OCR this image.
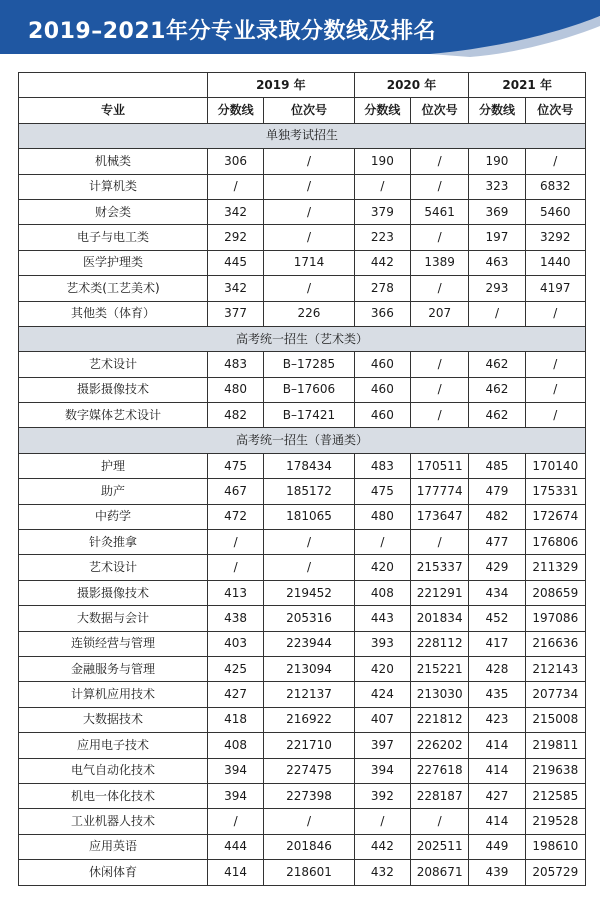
2019–2021年分专业录取分数线及排名
	2019 年		2020 年		2021 年	
专业	分数线	位次号	分数线	位次号	分数线	位次号
单独考试招生						
机械类	306	/	190	/	190	/
计算机类	/	/	/	/	323	6832
财会类	342	/	379	5461	369	5460
电子与电工类	292	/	223	/	197	3292
医学护理类	445	1714	442	1389	463	1440
艺术类(工艺美术)	342	/	278	/	293	4197
其他类（体育）	377	226	366	207	/	/
高考统一招生（艺术类）						
艺术设计	483	B–17285	460	/	462	/
摄影摄像技术	480	B–17606	460	/	462	/
数字媒体艺术设计	482	B–17421	460	/	462	/
高考统一招生（普通类）						
护理	475	178434	483	170511	485	170140
助产	467	185172	475	177774	479	175331
中药学	472	181065	480	173647	482	172674
针灸推拿	/	/	/	/	477	176806
艺术设计	/	/	420	215337	429	211329
摄影摄像技术	413	219452	408	221291	434	208659
大数据与会计	438	205316	443	201834	452	197086
连锁经营与管理	403	223944	393	228112	417	216636
金融服务与管理	425	213094	420	215221	428	212143
计算机应用技术	427	212137	424	213030	435	207734
大数据技术	418	216922	407	221812	423	215008
应用电子技术	408	221710	397	226202	414	219811
电气自动化技术	394	227475	394	227618	414	219638
机电一体化技术	394	227398	392	228187	427	212585
工业机器人技术	/	/	/	/	414	219528
应用英语	444	201846	442	202511	449	198610
休闲体育	414	218601	432	208671	439	205729
